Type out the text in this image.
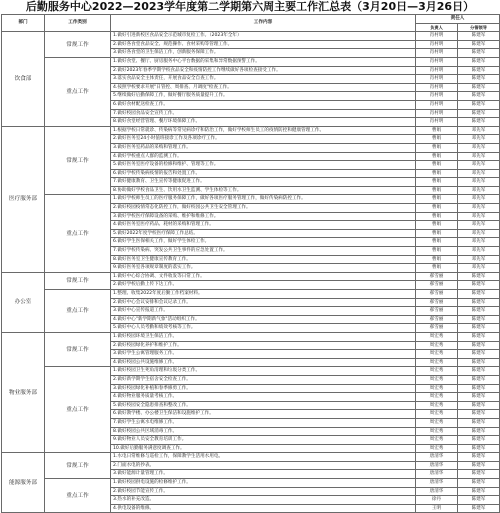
后勤服务中心2022—2023学年度第二学期第六周主要工作汇总表（3月20日—3月26日）
部门	工作类别	工作内容	责任人	
			负责人	分管领导
饮食部	常规工作	1.做好引进新校区食品安全示范城市复检工作。（2023年全年）	肖村明	陈建军
		2.做好各食堂食品安全、规范操作、食材采购等管理工作。	肖村明	陈建军
		3.做好各食堂的卫生保洁工作，创新服务保障工作。	肖村明	陈建军
	重点工作	1.做好食堂、餐厅、厨房服务中心平台数据的采集和异常数据预警工作。	肖村明	陈建军
		2.做好2023年春季学期学校食品安全和疫情防控工作继续做好各项检查接受工作。	肖村明	陈建军
		3.落实食品安全主体责任，开展食品安全自查工作。	肖村明	陈建军
		4.按照学校要求开展"日管控、周排查、月调度"检查工作。	肖村明	陈建军
		5.继续做好后勤保障工作，做好餐厅服务质量提升工作。	肖村明	陈建军
		6.做好食材配送检查工作。	肖村明	陈建军
		7.做好校园食品安全宣传工作。	肖村明	陈建军
		8.做好食堂经营管理、餐厅环境保障工作。	肖村明	陈建军
医疗服务部	常规工作	1.根据学校日常就诊、传染病等常见病诊疗和防治工作，做好学校师生员工的疫情防控和健康管理工作。	曹娟	邓先军
		2.做好医务室24小时值班接诊工作及各项诊疗工作。	曹娟	邓先军
		3.做好医务室药品的采购和管理工作。	曹娟	邓先军
		4.做好学校重点人群的监测工作。	曹娟	邓先军
		5.做好医务室医疗设备的检修和维护、管理等工作。	曹娟	邓先军
		6.做好学校传染病疫情的报告和处置工作。	曹娟	邓先军
		7.做好健康教育、卫生宣传等健康促进工作。	曹娟	邓先军
		8.协助做好学校食品卫生、饮用水卫生监测、学生体检等工作。	曹娟	邓先军
	重点工作	1.做好学校师生员工的医疗服务保障工作，做好各项医疗服务管理工作，做好传染病防控工作。	曹娟	邓先军
		2.做好校园疫情常态化防控工作，做好校园公共卫生安全管理工作。	曹娟	邓先军
		3.做好学校医疗保障设备的采购、维护和维修工作。	曹娟	邓先军
		4.做好医务室医疗药品、耗材的采购和管理工作。	曹娟	邓先军
		5.做好2022年度学校医疗保障工作总结。	曹娟	邓先军
		6.做好学生医保相关工作，做好学生体检工作。	曹娟	邓先军
		7.做好学校传染病、突发公共卫生事件的应急处置工作。	曹娟	邓先军
		8.做好医务室卫生健康宣传教育工作。	曹娟	邓先军
		9.做好医务室各项规章制度的落实工作。	曹娟	邓先军
办公室	常规工作	1.做好中心综合协调、文件收发等日常工作。	郝雪丽	陈建军
		2.做好学校后勤上传下达工作。	郝雪丽	陈建军
	重点工作	1.整理、收集2022年度后勤工作档案材料。	郝雪丽	陈建军
		2.做好中心会议安排和会议记录工作。	郝雪丽	陈建军
		3.做好中心宣传报道工作。	郝雪丽	陈建军
		4.做好中心"新学期新气象"活动组织工作。	郝雪丽	陈建军
		5.做好中心人员考勤和绩效考核等工作。	郝雪丽	陈建军
物业服务部	常规工作	1.做好校园环境卫生保洁工作。	周宏秀	陈建军
		2.做好校园绿化养护和维护工作。	周宏秀	陈建军
		3.做好学生公寓管理服务工作。	周宏秀	陈建军
		4.做好校园公共设施维修工作。	周宏秀	陈建军
	重点工作	1.做好校园卫生死角清理和垃圾分类工作。	周宏秀	陈建军
		2.做好新学期学生宿舍安全检查工作。	周宏秀	陈建军
		3.做好校园绿化补植和春季修剪工作。	周宏秀	陈建军
		4.做好物业服务质量考核工作。	周宏秀	陈建军
		5.做好校园安全隐患排查和整改工作。	周宏秀	陈建军
		6.做好教学楼、办公楼卫生保洁和设施维护工作。	周宏秀	陈建军
		7.做好学生公寓水电维修工作。	周宏秀	陈建军
		8.做好校园公共区域消毒工作。	周宏秀	陈建军
		9.做好物业人员安全教育培训工作。	周宏秀	陈建军
		10.做好后勤服务满意度调查工作。	周宏秀	陈建军
能源服务部	常规工作	1.水电日常维修与巡检工作，保障教学生活用水用电。	唐清华	陈建军
		2.门面水电的抄表。	唐清华	陈建军
		3.做好能源计量管理工作。	唐清华	陈建军
	重点工作	1.做好校园供电设施的检修维护工作。	唐清华	陈建军
		2.做好校园节能宣传工作。	唐清华	陈建军
		3.热水的补充改造。	徐丹	陈建军
		4.供电设备的维修。	王明	陈建军
